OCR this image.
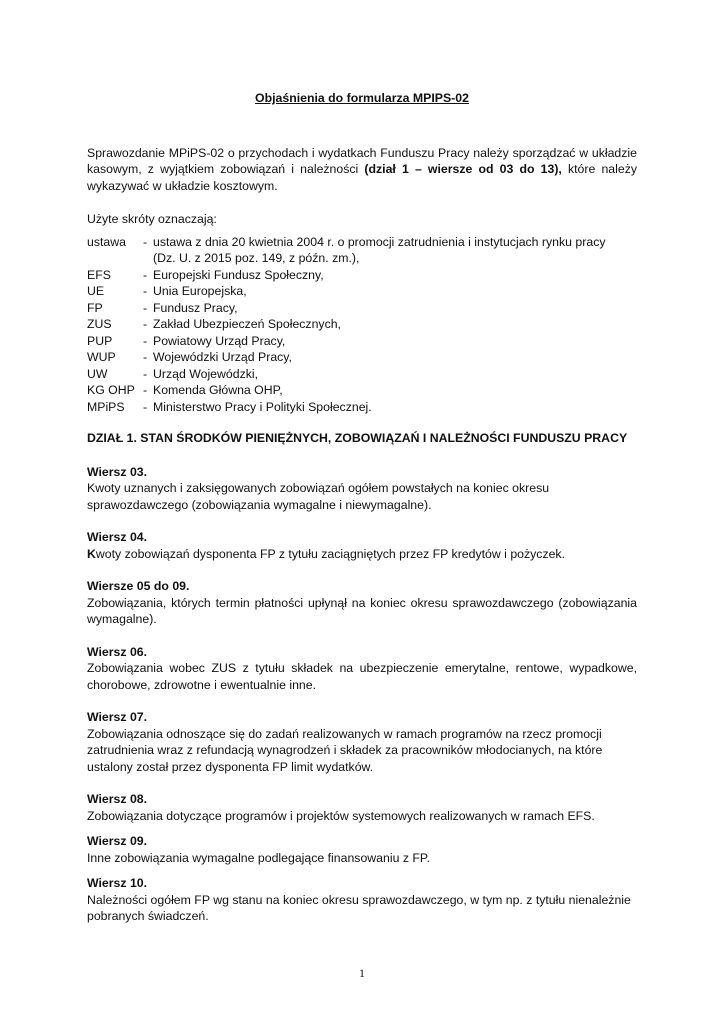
Objaśnienia do formularza MPIPS-02

Sprawozdanie MPiPS-02 o przychodach i wydatkach Funduszu Pracy należy sporządzać w układzie kasowym, z wyjątkiem zobowiązań i należności (dział 1 – wiersze od 03 do 13), które należy wykazywać w układzie kosztowym.

Użyte skróty oznaczają:

ustawa	- ustawa z dnia 20 kwietnia 2004 r. o promocji zatrudnienia i instytucjach rynku pracy
(Dz. U. z 2015 poz. 149, z późn. zm.),
EFS	- Europejski Fundusz Społeczny,
UE	- Unia Europejska,
FP	- Fundusz Pracy,
ZUS	- Zakład Ubezpieczeń Społecznych,
PUP	- Powiatowy Urząd Pracy,
WUP	- Wojewódzki Urząd Pracy,
UW	- Urząd Wojewódzki,
KG OHP - Komenda Główna OHP,
MPiPS	- Ministerstwo Pracy i Polityki Społecznej.

DZIAŁ 1. STAN ŚRODKÓW PIENIĘŻNYCH, ZOBOWIĄZAŃ I NALEŻNOŚCI FUNDUSZU PRACY

Wiersz 03.

Kwoty uznanych i zaksięgowanych zobowiązań ogółem powstałych na koniec okresu sprawozdawczego (zobowiązania wymagalne i niewymagalne).

Wiersz 04.

Kwoty zobowiązań dysponenta FP z tytułu zaciągniętych przez FP kredytów i pożyczek.

Wiersze 05 do 09.

Zobowiązania, których termin płatności upłynął na koniec okresu sprawozdawczego (zobowiązania wymagalne).

Wiersz 06.

Zobowiązania wobec ZUS z tytułu składek na ubezpieczenie emerytalne, rentowe, wypadkowe, chorobowe, zdrowotne i ewentualnie inne.

Wiersz 07.

Zobowiązania odnoszące się do zadań realizowanych w ramach programów na rzecz promocji zatrudnienia wraz z refundacją wynagrodzeń i składek za pracowników młodocianych, na które ustalony został przez dysponenta FP limit wydatków.

Wiersz 08.

Zobowiązania dotyczące programów i projektów systemowych realizowanych w ramach EFS.

Wiersz 09.

Inne zobowiązania wymagalne podlegające finansowaniu z FP.

Wiersz 10.

Należności ogółem FP wg stanu na koniec okresu sprawozdawczego, w tym np. z tytułu nienależnie pobranych świadczeń.

1
